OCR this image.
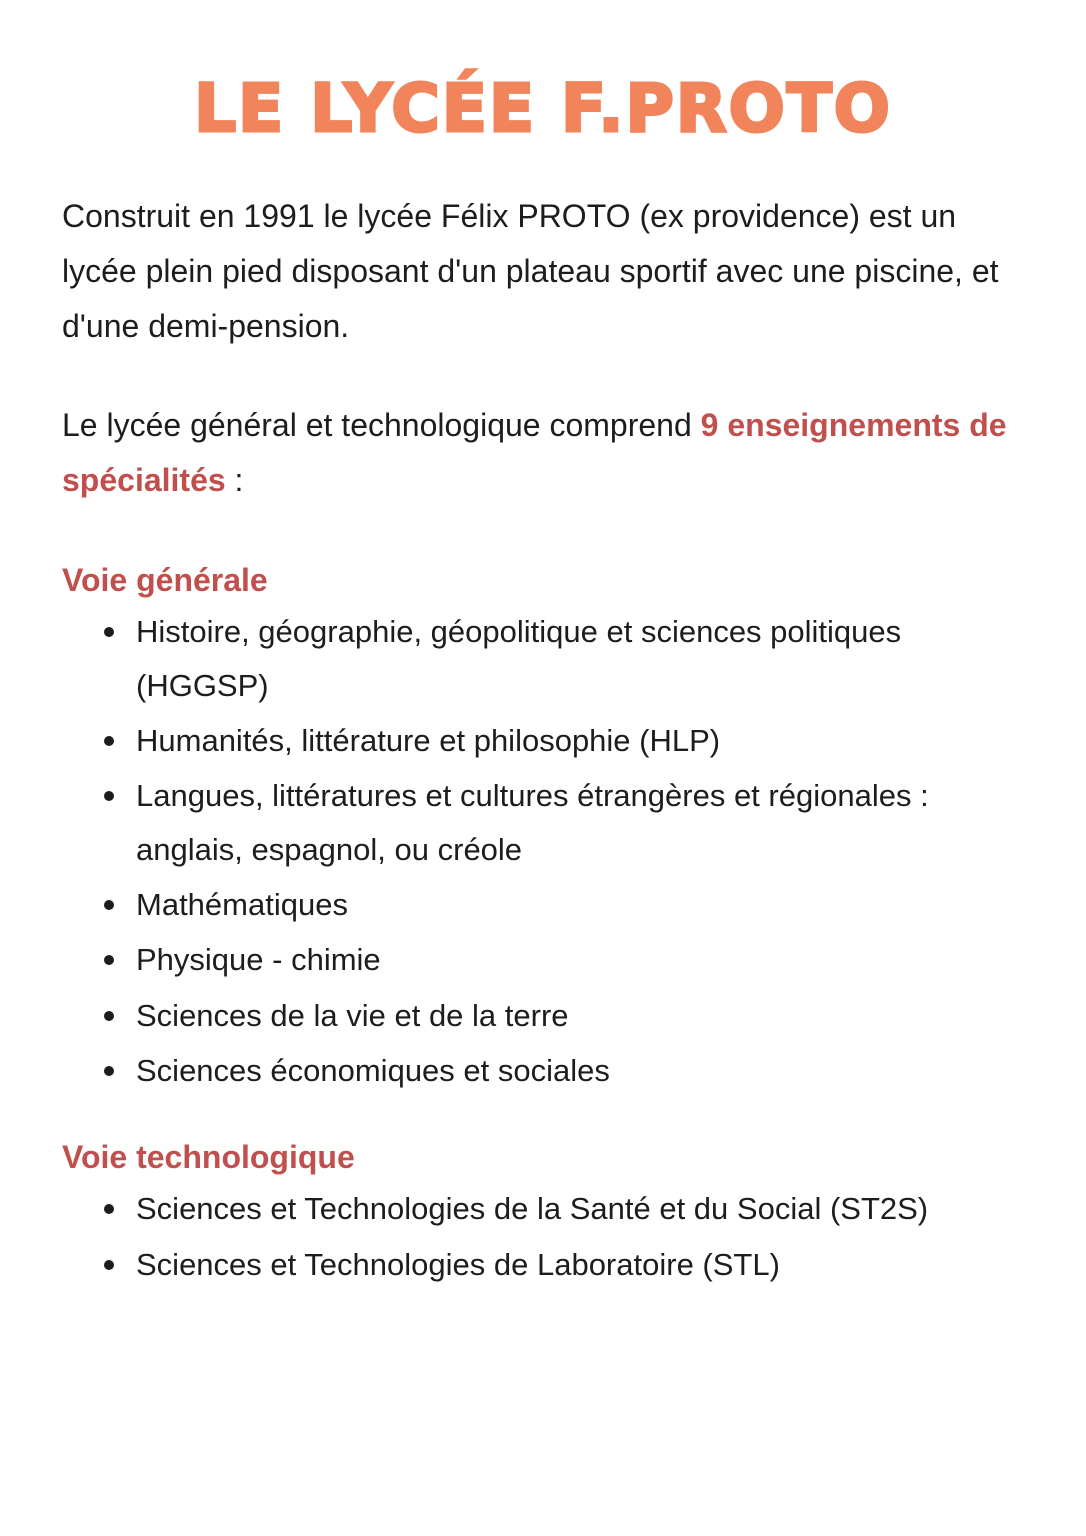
LE LYCÉE F.PROTO

Construit en 1991 le lycée Félix PROTO (ex providence) est un lycée plein pied disposant d'un plateau sportif avec une piscine, et d'une demi-pension.

Le lycée général et technologique comprend 9 enseignements de spécialités :

Voie générale
Histoire, géographie, géopolitique et sciences politiques (HGGSP)
Humanités, littérature et philosophie (HLP)
Langues, littératures et cultures étrangères et régionales : anglais, espagnol, ou créole
Mathématiques
Physique - chimie
Sciences de la vie et de la terre
Sciences économiques et sociales
Voie technologique
Sciences et Technologies de la Santé et du Social (ST2S)
Sciences et Technologies de Laboratoire (STL)
